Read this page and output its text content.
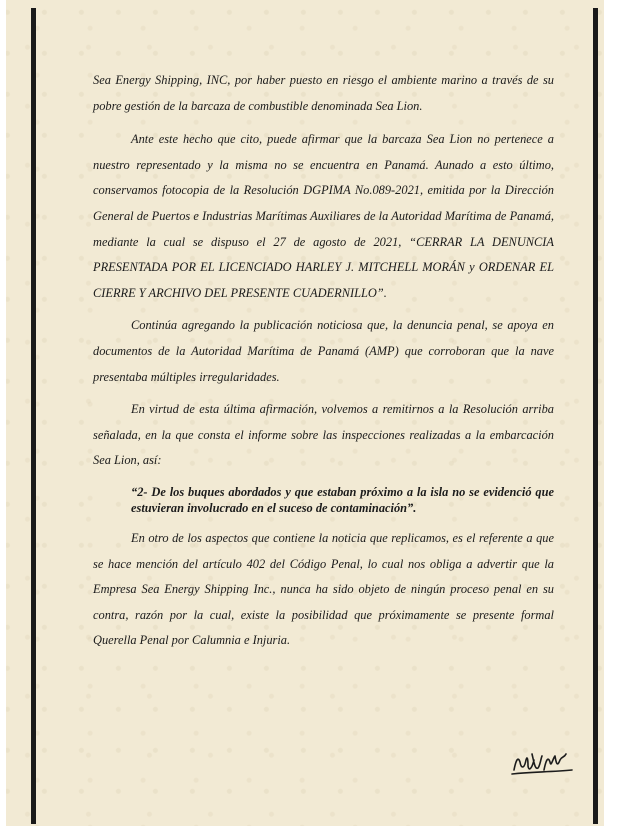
Sea Energy Shipping, INC, por haber puesto en riesgo el ambiente marino a través de su pobre gestión de la barcaza de combustible denominada Sea Lion.

Ante este hecho que cito, puede afirmar que la barcaza Sea Lion no pertenece a nuestro representado y la misma no se encuentra en Panamá. Aunado a esto último, conservamos fotocopia de la Resolución DGPIMA No.089-2021, emitida por la Dirección General de Puertos e Industrias Marítimas Auxiliares de la Autoridad Marítima de Panamá, mediante la cual se dispuso el 27 de agosto de 2021, “CERRAR LA DENUNCIA PRESENTADA POR EL LICENCIADO HARLEY J. MITCHELL MORÁN y ORDENAR EL CIERRE Y ARCHIVO DEL PRESENTE CUADERNILLO”.

Continúa agregando la publicación noticiosa que, la denuncia penal, se apoya en documentos de la Autoridad Marítima de Panamá (AMP) que corroboran que la nave presentaba múltiples irregularidades.

En virtud de esta última afirmación, volvemos a remitirnos a la Resolución arriba señalada, en la que consta el informe sobre las inspecciones realizadas a la embarcación Sea Lion, así:

“2- De los buques abordados y que estaban próximo a la isla no se evidenció que estuvieran involucrado en el suceso de contaminación”.

En otro de los aspectos que contiene la noticia que replicamos, es el referente a que se hace mención del artículo 402 del Código Penal, lo cual nos obliga a advertir que la Empresa Sea Energy Shipping Inc., nunca ha sido objeto de ningún proceso penal en su contra, razón por la cual, existe la posibilidad que próximamente se presente formal Querella Penal por Calumnia e Injuria.
